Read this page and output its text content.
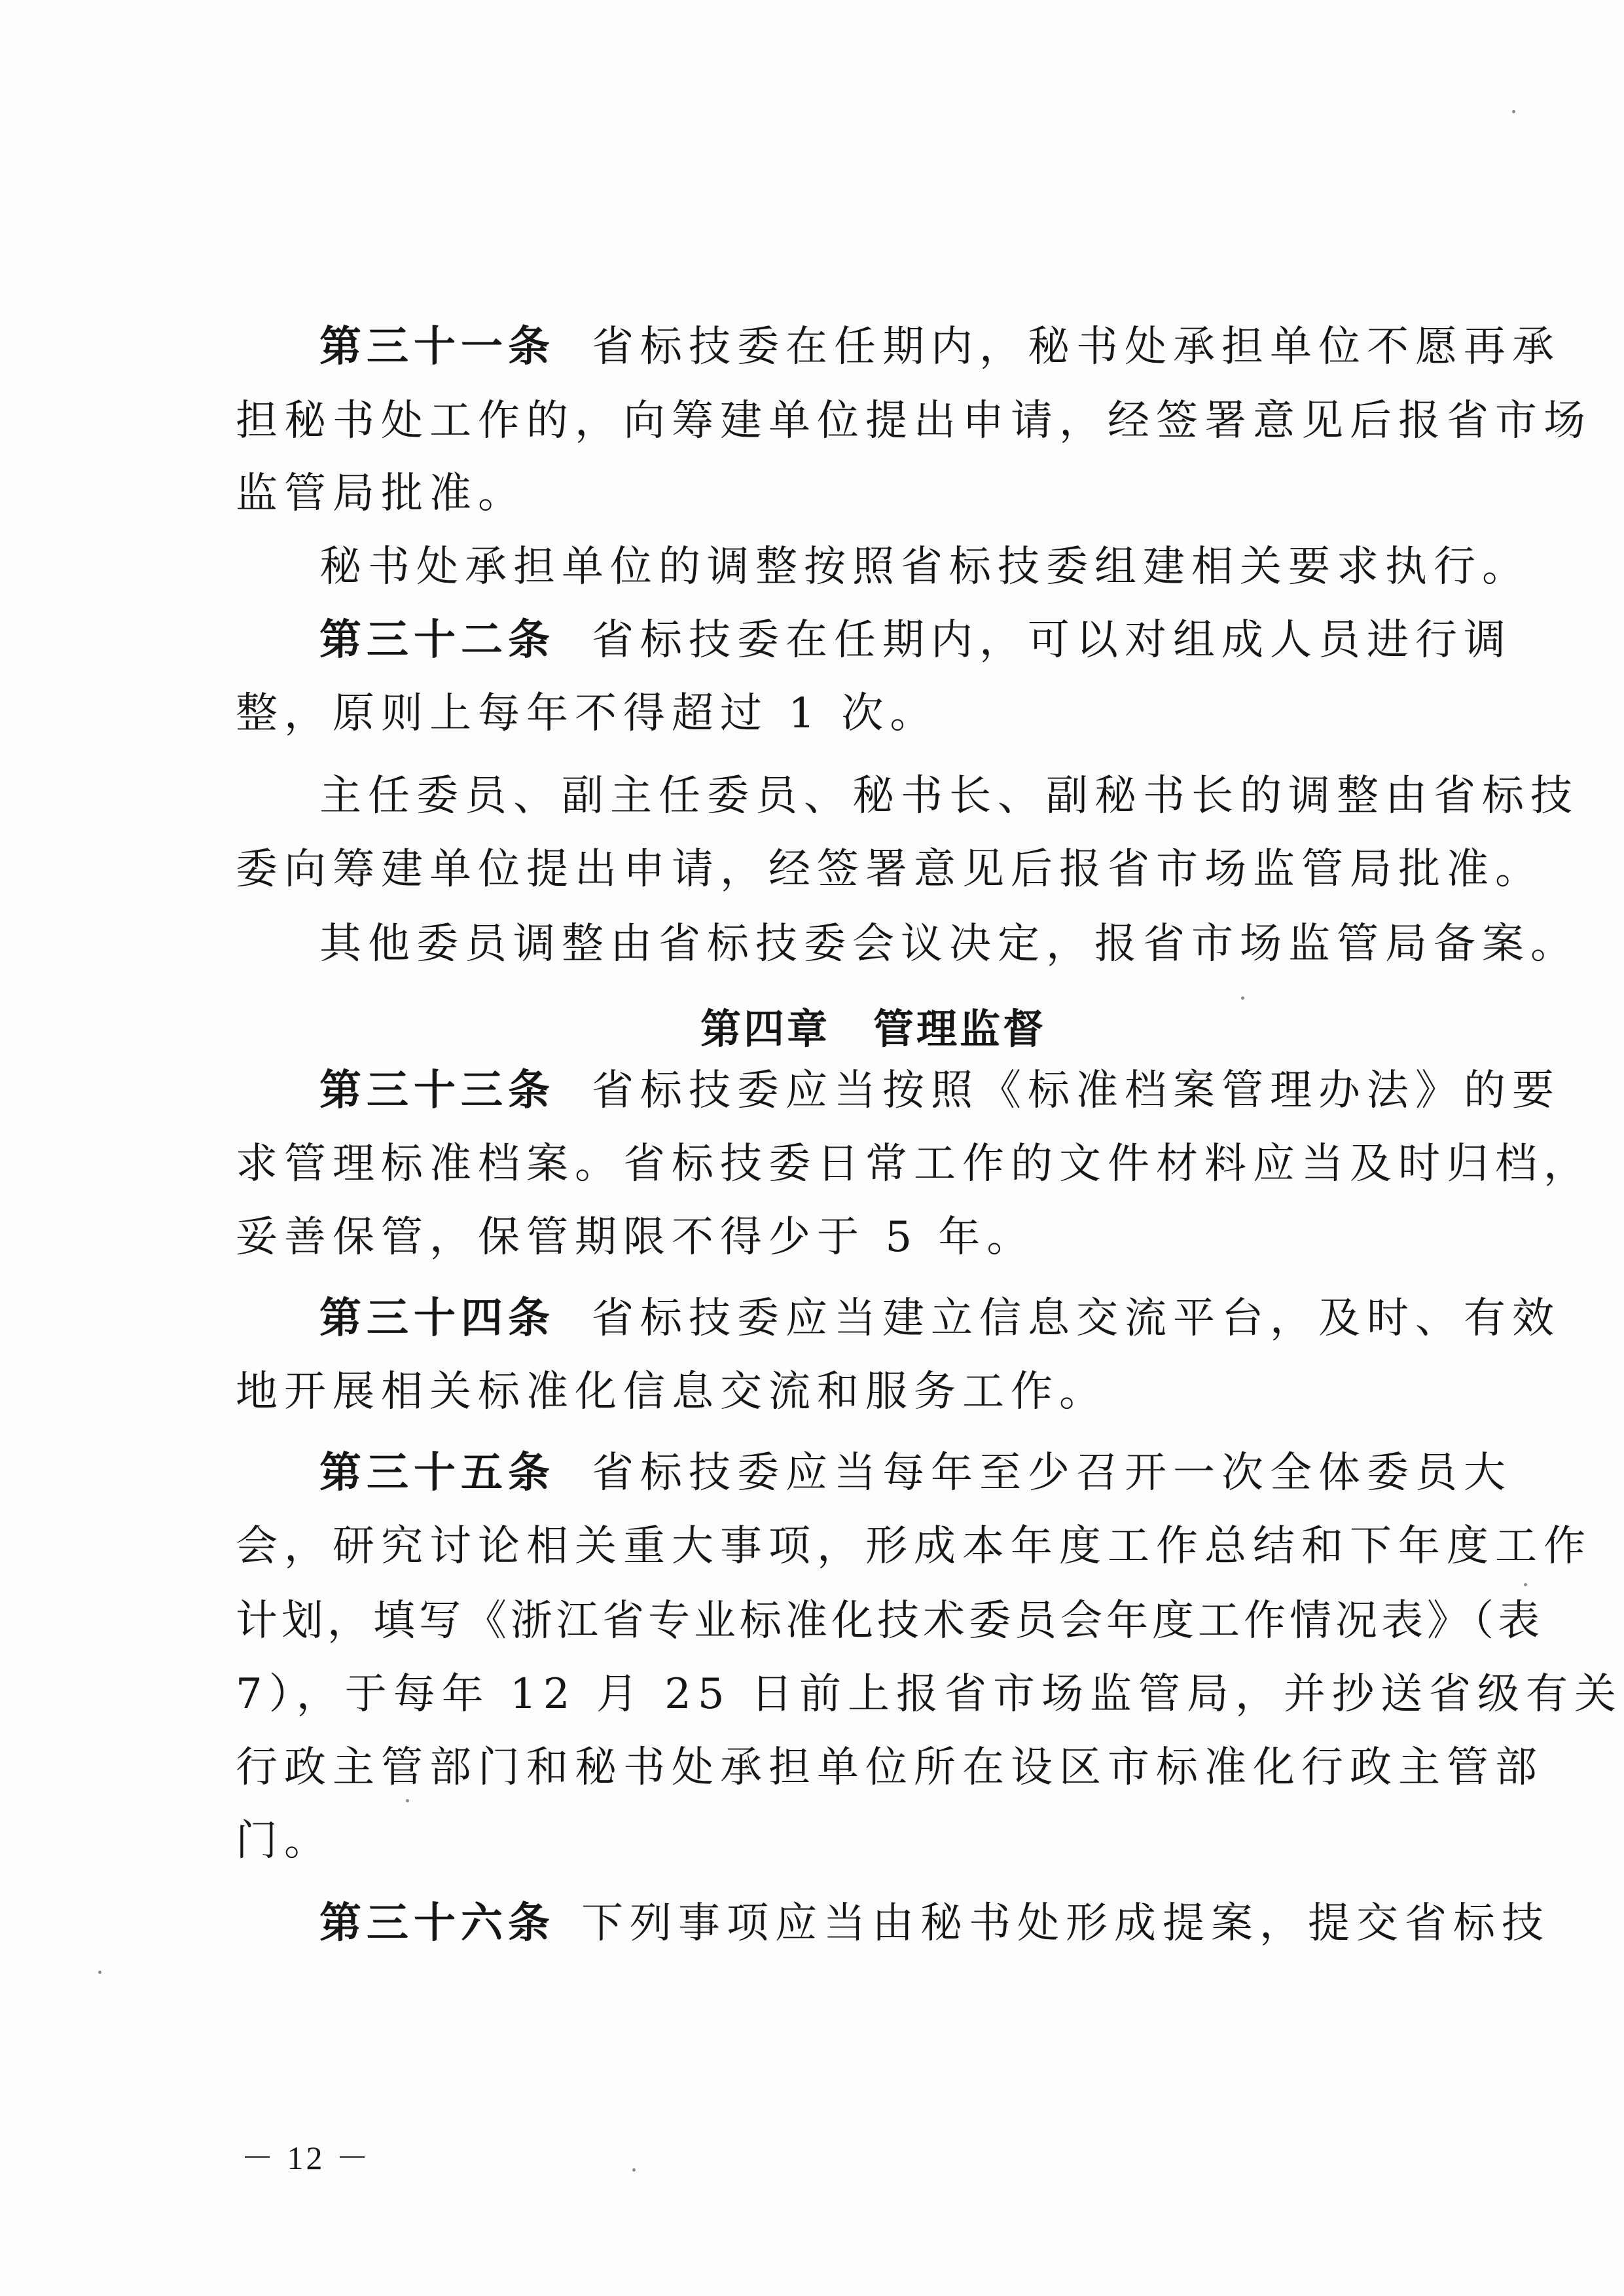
第三十一条 省标技委在任期内，秘书处承担单位不愿再承
担秘书处工作的，向筹建单位提出申请，经签署意见后报省市场
监管局批准。
秘书处承担单位的调整按照省标技委组建相关要求执行。
第三十二条 省标技委在任期内，可以对组成人员进行调
整，原则上每年不得超过 1 次。
主任委员、副主任委员、秘书长、副秘书长的调整由省标技
委向筹建单位提出申请，经签署意见后报省市场监管局批准。
其他委员调整由省标技委会议决定，报省市场监管局备案。
第四章　管理监督
第三十三条 省标技委应当按照《标准档案管理办法》的要
求管理标准档案。省标技委日常工作的文件材料应当及时归档，
妥善保管，保管期限不得少于 5 年。
第三十四条 省标技委应当建立信息交流平台，及时、有效
地开展相关标准化信息交流和服务工作。
第三十五条 省标技委应当每年至少召开一次全体委员大
会，研究讨论相关重大事项，形成本年度工作总结和下年度工作
计划，填写《浙江省专业标准化技术委员会年度工作情况表》（表
7），于每年 12 月 25 日前上报省市场监管局，并抄送省级有关
行政主管部门和秘书处承担单位所在设区市标准化行政主管部
门。
第三十六条 下列事项应当由秘书处形成提案，提交省标技
－ 12 －
